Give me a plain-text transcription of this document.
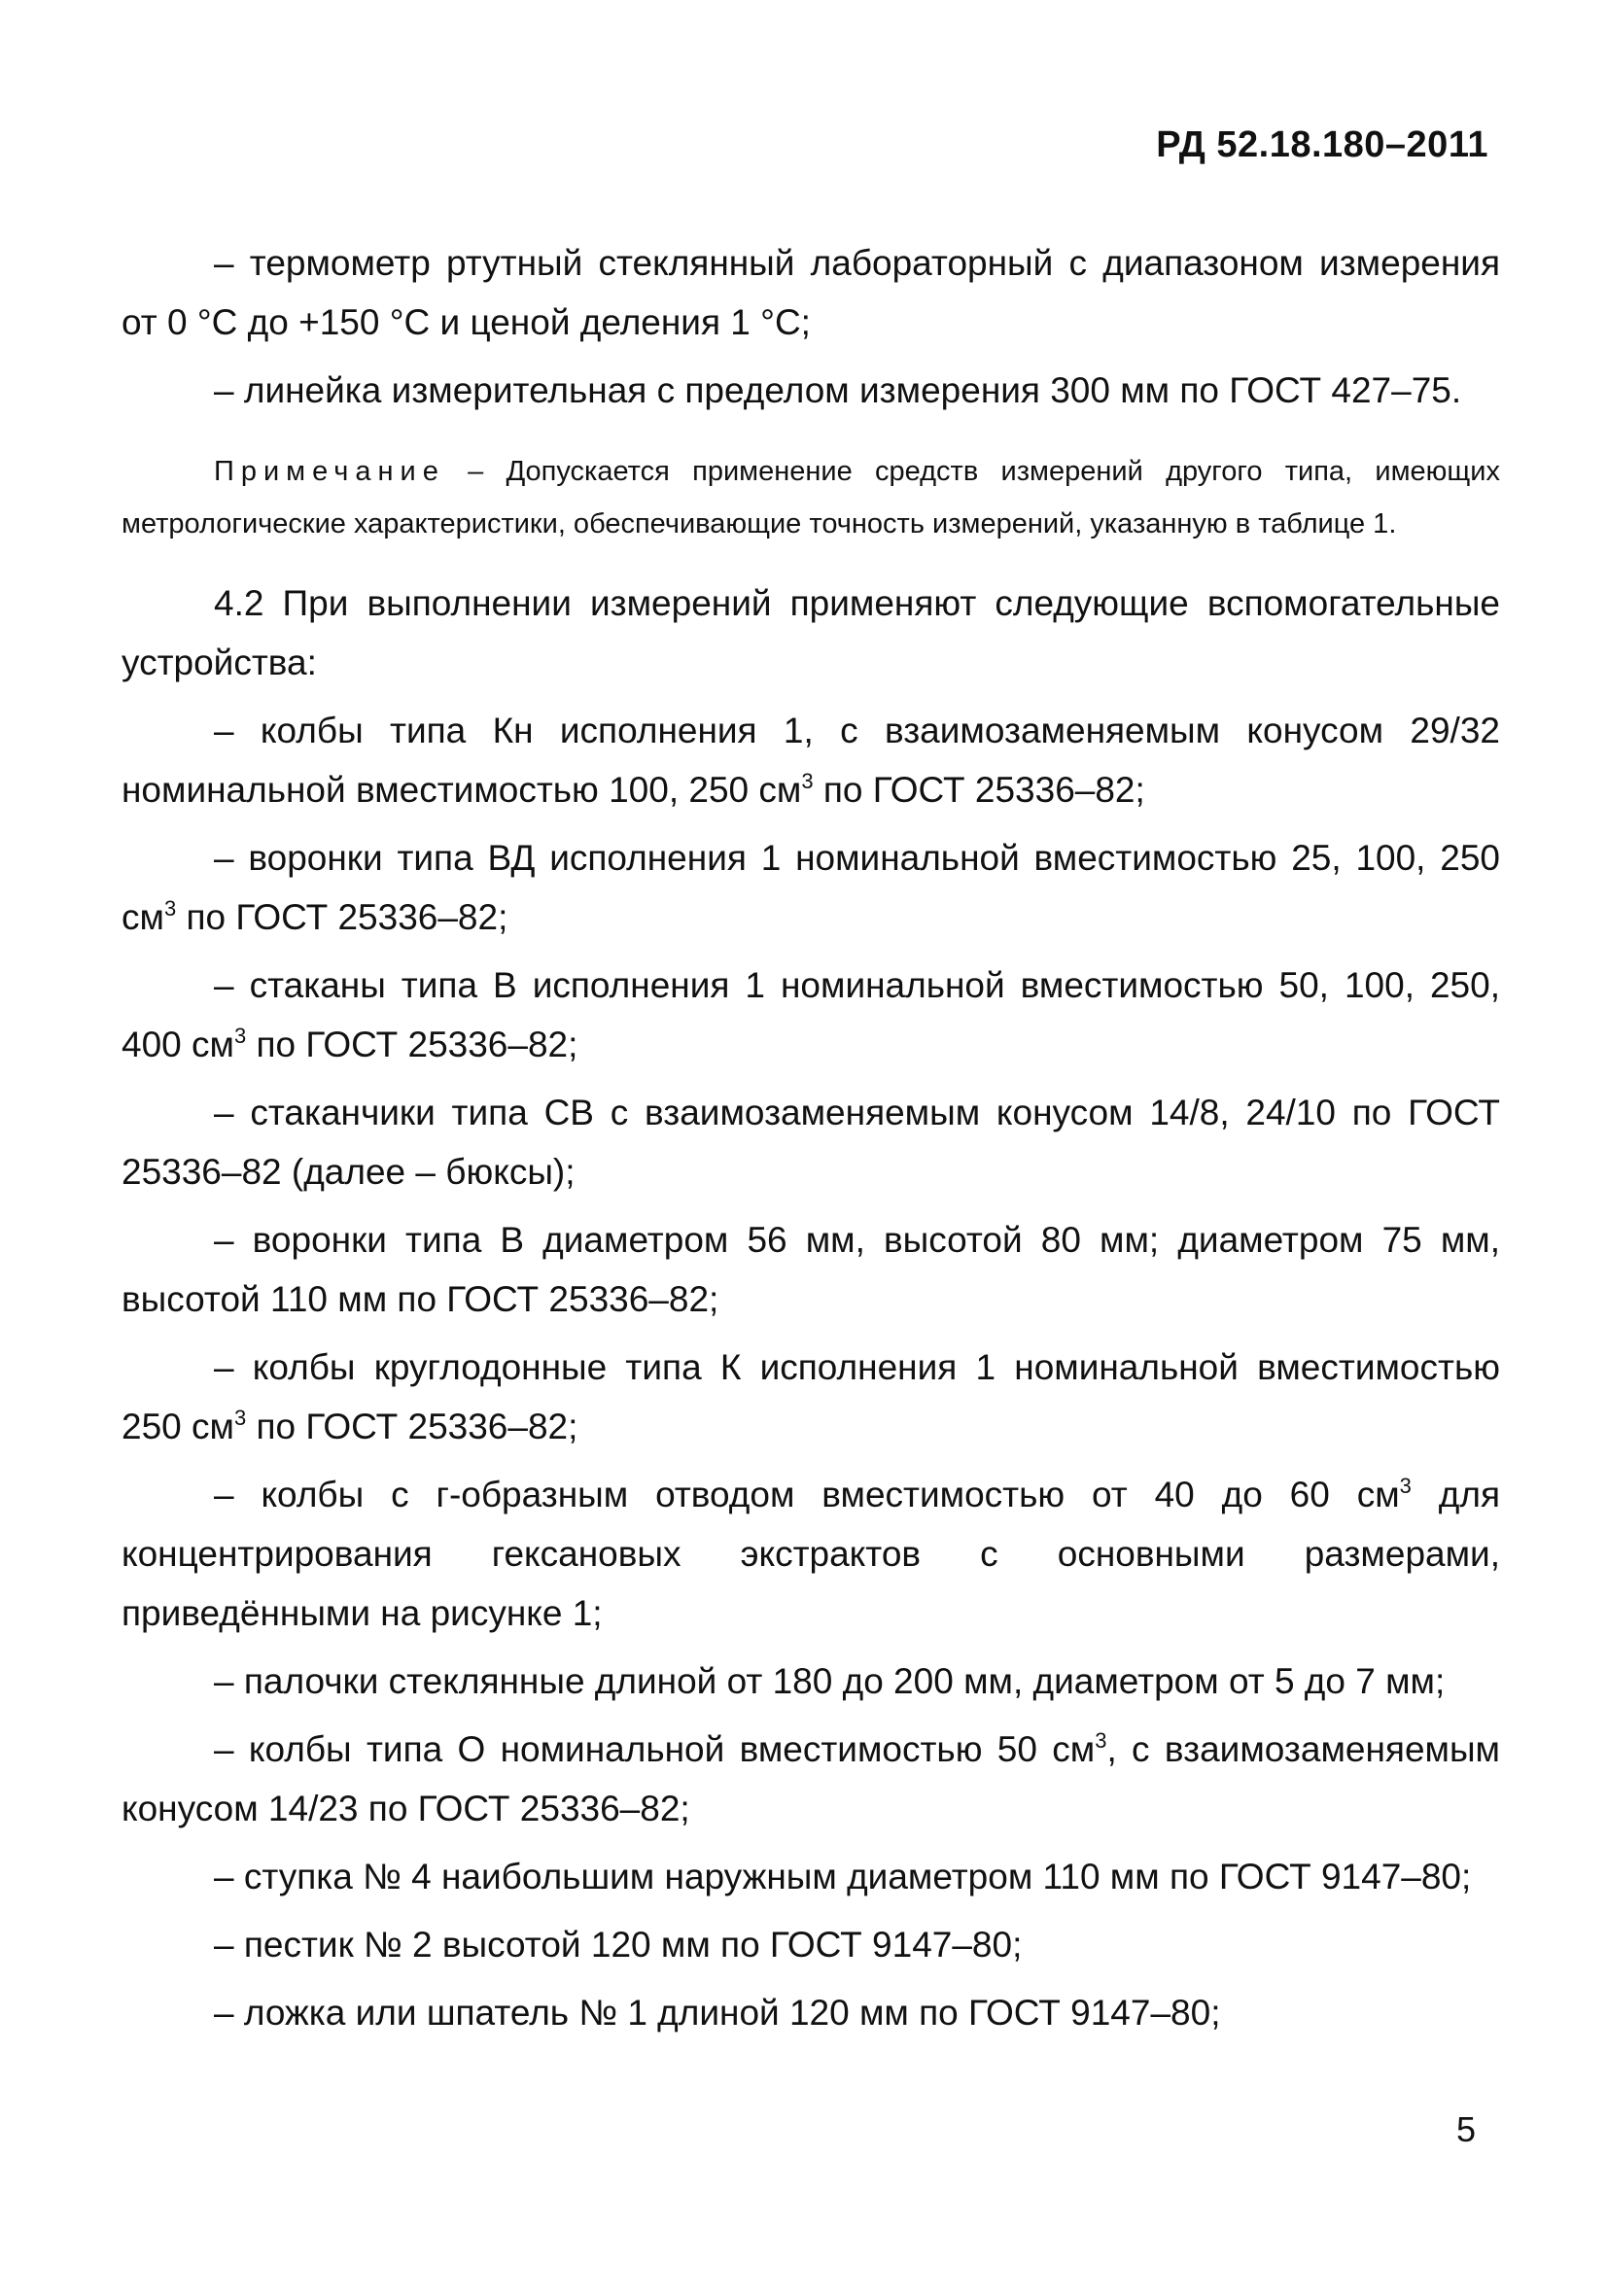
РД 52.18.180–2011

– термометр ртутный стеклянный лабораторный с диапазоном измерения от 0 °С до +150 °С и ценой деления 1 °С;

– линейка измерительная с пределом измерения 300 мм по ГОСТ 427–75.

Примечание – Допускается применение средств измерений другого типа, имеющих метрологические характеристики, обеспечивающие точность измерений, указанную в таблице 1.

4.2 При выполнении измерений применяют следующие вспомогательные устройства:

– колбы типа Кн исполнения 1, с взаимозаменяемым конусом 29/32 номинальной вместимостью 100, 250 $см^3$ по ГОСТ 25336–82;

– воронки типа ВД исполнения 1 номинальной вместимостью 25, 100, 250 $см^3$ по ГОСТ 25336–82;

– стаканы типа В исполнения 1 номинальной вместимостью 50, 100, 250, 400 $см^3$ по ГОСТ 25336–82;

– стаканчики типа СВ с взаимозаменяемым конусом 14/8, 24/10 по ГОСТ 25336–82 (далее – бюксы);

– воронки типа В диаметром 56 мм, высотой 80 мм; диаметром 75 мм, высотой 110 мм по ГОСТ 25336–82;

– колбы круглодонные типа К исполнения 1 номинальной вместимостью 250 $см^3$ по ГОСТ 25336–82;

– колбы с г-образным отводом вместимостью от 40 до 60 $см^3$ для концентрирования гексановых экстрактов с основными размерами, приведёнными на рисунке 1;

– палочки стеклянные длиной от 180 до 200 мм, диаметром от 5 до 7 мм;

– колбы типа О номинальной вместимостью 50 $см^3$, с взаимозаменяемым конусом 14/23 по ГОСТ 25336–82;

– ступка № 4 наибольшим наружным диаметром 110 мм по ГОСТ 9147–80;

– пестик № 2 высотой 120 мм по ГОСТ 9147–80;

– ложка или шпатель № 1 длиной 120 мм по ГОСТ 9147–80;

5
